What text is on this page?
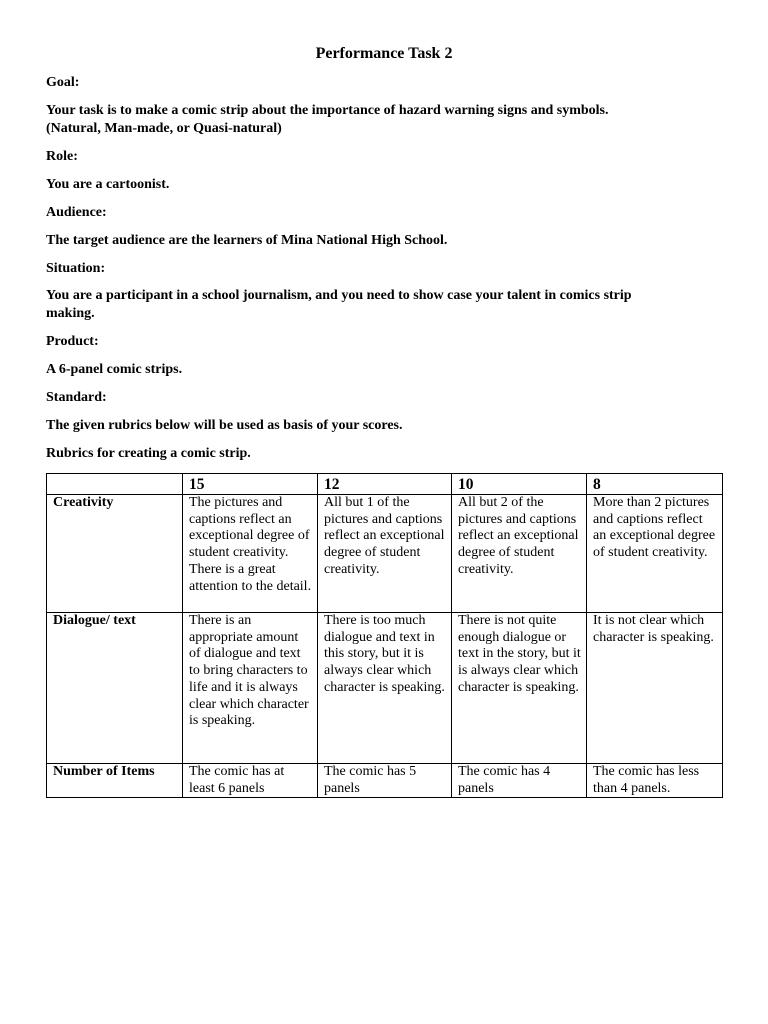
Performance Task 2
Goal:
Your task is to make a comic strip about the importance of hazard warning signs and symbols.
(Natural, Man-made, or Quasi-natural)
Role:
You are a cartoonist.
Audience:
The target audience are the learners of Mina National High School.
Situation:
You are a participant in a school journalism, and you need to show case your talent in comics strip
making.
Product:
A 6-panel comic strips.
Standard:
The given rubrics below will be used as basis of your scores.
Rubrics for creating a comic strip.
	15	12	10	8
Creativity	The pictures and captions reflect an exceptional degree of student creativity. There is a great attention to the detail.	All but 1 of the pictures and captions reflect an exceptional degree of student creativity.	All but 2 of the pictures and captions reflect an exceptional degree of student creativity.	More than 2 pictures and captions reflect an exceptional degree of student creativity.
Dialogue/ text	There is an appropriate amount of dialogue and text to bring characters to life and it is always clear which character is speaking.	There is too much dialogue and text in this story, but it is always clear which character is speaking.	There is not quite enough dialogue or text in the story, but it is always clear which character is speaking.	It is not clear which character is speaking.
Number of Items	The comic has at least 6 panels	The comic has 5 panels	The comic has 4 panels	The comic has less than 4 panels.
